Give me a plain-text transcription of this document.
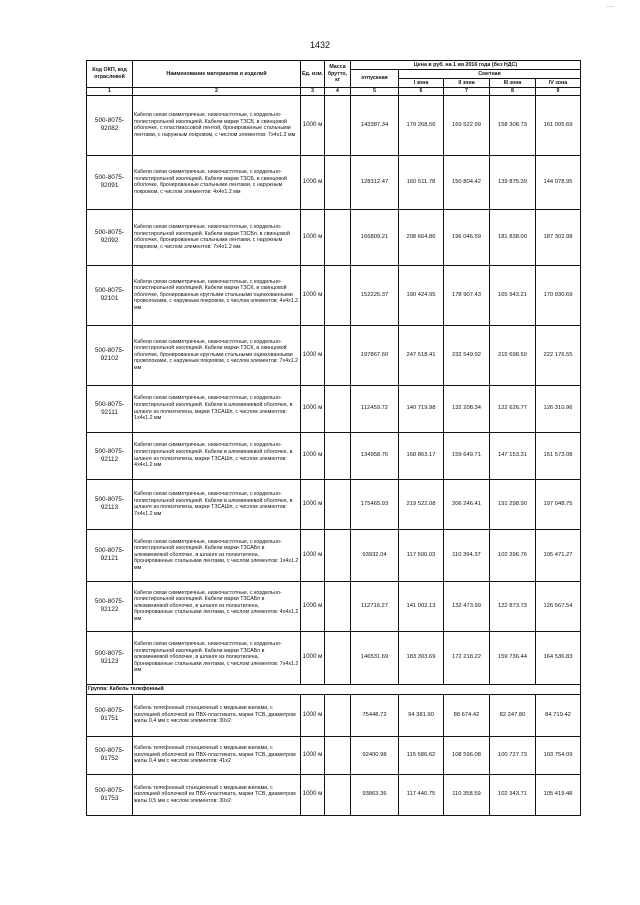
----
1432
Код ОКП, код отраслевой	Наименование материалов и изделий	Ед. изм.	Масса брутто, кг	Цена в руб. на 1 км 2016 года (без НДС)				
				отпускная	Сметная			
					I зона	II зона	III зона	IV зона
1	2	3	4	5	6	7	8	9
500-8075-92082	Кабели связи симметричные, низкочастотные, с кордельно-полистирольной изоляцией. Кабели марки ТЗСБ, в свинцовой оболочке, с пластмассовой лентой, бронированные стальными лентами, с наружным покровом, с числом элементов: 7x4x1.2 мм	1000 м		143387.34	179 268.56	169 522.99	158 308.73	161 005.69
500-8075-92091	Кабели связи симметричные, низкочастотные, с кордельно-полистирольной изоляцией. Кабели марки ТЗСБ, в свинцовой оболочке, бронированные стальными лентами, с наружным покровом, с числом элементов: 4x4x1.2 мм	1000 м		128312.47	160 511.78	150 804.42	139 875.39	144 078.95
500-8075-92092	Кабели связи симметричные, низкочастотные, с кордельно-полистирольной изоляцией. Кабели марки ТЗСБп, в свинцовой оболочке, бронированные стальными лентами, с наружным покровом, с числом элементов: 7x4x1.2 мм	1000 м		166809.21	208 664.86	196 046.59	181 838.00	187 302.98
500-8075-92101	Кабели связи симметричные, низкочастотные, с кордельно-полистирольной изоляцией. Кабели марки ТЗСК, в свинцовой оболочке, бронированные круглыми стальными оцинкованными проволоками, с наружным покровом, с числом элементов: 4x4x1.2 мм	1000 м		152225.37	190 424.95	178 907.43	165 943.21	170 930.69
500-8075-92102	Кабели связи симметричные, низкочастотные, с кордельно-полистирольной изоляцией. Кабели марки ТЗСК, в свинцовой оболочке, бронированные круглыми стальными оцинкованными проволоками, с наружным покровом, с числом элементов: 7x4x1.2 мм	1000 м		197867.60	247 518.41	232 549.92	215 698.50	222 176.55
500-8075-92111	Кабели связи симметричные, низкочастотные, с кордельно-полистирольной изоляцией. Кабели в алюминиевой оболочке, в шланге из полиэтилена, марки ТЗСАШп, с числом элементов: 1x4x1.2 мм	1000 м		112459.72	140 719.98	132 208.34	122 626.77	126 310.96
500-8075-92112	Кабели связи симметричные, низкочастотные, с кордельно-полистирольной изоляцией. Кабели в алюминиевой оболочке, в шланге из полиэтилена, марки ТЗСАШп, с числом элементов: 4x4x1.2 мм	1000 м		134958.76	168 863.17	159 649.71	147 153.31	151 573.08
500-8075-92113	Кабели связи симметричные, низкочастотные, с кордельно-полистирольной изоляцией. Кабели в алюминиевой оболочке, в шланге из полиэтилена, марки ТЗСАШп, с числом элементов: 7x4x1.2 мм	1000 м		175465.93	219 522.08	206 246.41	191 298.90	197 048.75
500-8075-92121	Кабели связи симметричные, низкочастотные, с кордельно-полистирольной изоляцией. Кабели марки ТЗСАБп в алюминиевой оболочке, в шланге из полиэтилена, бронированные стальными лентами, с числом элементов: 1x4x1.2 мм	1000 м		93932.04	117 500.03	110 394.37	102 396.76	105 471.27
500-8075-92122	Кабели связи симметричные, низкочастотные, с кордельно-полистирольной изоляцией. Кабели марки ТЗСАБп в алюминиевой оболочке, в шланге из полиэтилена, бронированные стальными лентами, с числом элементов: 4x4x1.2 мм	1000 м		112716.27	141 002.13	132 473.99	122 873.73	126 567.54
500-8075-92123	Кабели связи симметричные, низкочастотные, с кордельно-полистирольной изоляцией. Кабели марки ТЗСАБп в алюминиевой оболочке, в шланге из полиэтилена, бронированные стальными лентами, с числом элементов: 7x4x1.2 мм	1000 м		146531.69	183 303.69	172 218.22	159 736.44	164 536.83
Группа: Кабель телефонный								
500-8075-91751	Кабель телефонный станционный с медными жилами, с изоляцией оболочкой из ПВХ-пластиката, марки ТСВ, диаметром жилы 0,4 мм с числом элементов: 30x2	1000 м		75448.72	94 381.90	88 674.42	82 247.80	84 719.42
500-8075-91752	Кабель телефонный станционный с медными жилами, с изоляцией оболочкой из ПВХ-пластиката, марки ТСВ, диаметром жилы 0,4 мм с числом элементов: 41x2	1000 м		92400.98	115 586.62	108 596.08	100 727.73	103 754.09
500-8075-91753	Кабель телефонный станционный с медными жилами, с изоляцией оболочкой из ПВХ-пластиката, марки ТСВ, диаметром жилы 0,5 мм с числом элементов: 30x2	1000 м		93863.36	117 440.75	110 358.59	102 343.71	105 419.48
